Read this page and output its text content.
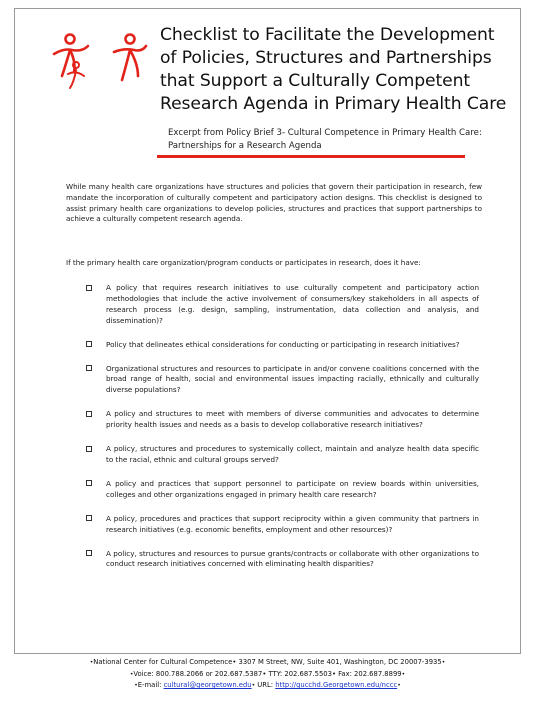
Checklist to Facilitate the Development of Policies, Structures and Partnerships that Support a Culturally Competent Research Agenda in Primary Health Care
Excerpt from Policy Brief 3- Cultural Competence in Primary Health Care: Partnerships for a Research Agenda

While many health care organizations have structures and policies that govern their participation in research, few mandate the incorporation of culturally competent and participatory action designs. This checklist is designed to assist primary health care organizations to develop policies, structures and practices that support partnerships to achieve a culturally competent research agenda.

If the primary health care organization/program conducts or participates in research, does it have:

A policy that requires research initiatives to use culturally competent and participatory action methodologies that include the active involvement of consumers/key stakeholders in all aspects of research process (e.g. design, sampling, instrumentation, data collection and analysis, and dissemination)?
Policy that delineates ethical considerations for conducting or participating in research initiatives?
Organizational structures and resources to participate in and/or convene coalitions concerned with the broad range of health, social and environmental issues impacting racially, ethnically and culturally diverse populations?
A policy and structures to meet with members of diverse communities and advocates to determine priority health issues and needs as a basis to develop collaborative research initiatives?
A policy, structures and procedures to systemically collect, maintain and analyze health data specific to the racial, ethnic and cultural groups served?
A policy and practices that support personnel to participate on review boards within universities, colleges and other organizations engaged in primary health care research?
A policy, procedures and practices that support reciprocity within a given community that partners in research initiatives (e.g. economic benefits, employment and other resources)?
A policy, structures and resources to pursue grants/contracts or collaborate with other organizations to conduct research initiatives concerned with eliminating health disparities?
•National Center for Cultural Competence• 3307 M Street, NW, Suite 401, Washington, DC 20007-3935•
•Voice: 800.788.2066 or 202.687.5387• TTY: 202.687.5503• Fax: 202.687.8899•
•E-mail: cultural@georgetown.edu• URL: http://gucchd.Georgetown.edu/nccc•
